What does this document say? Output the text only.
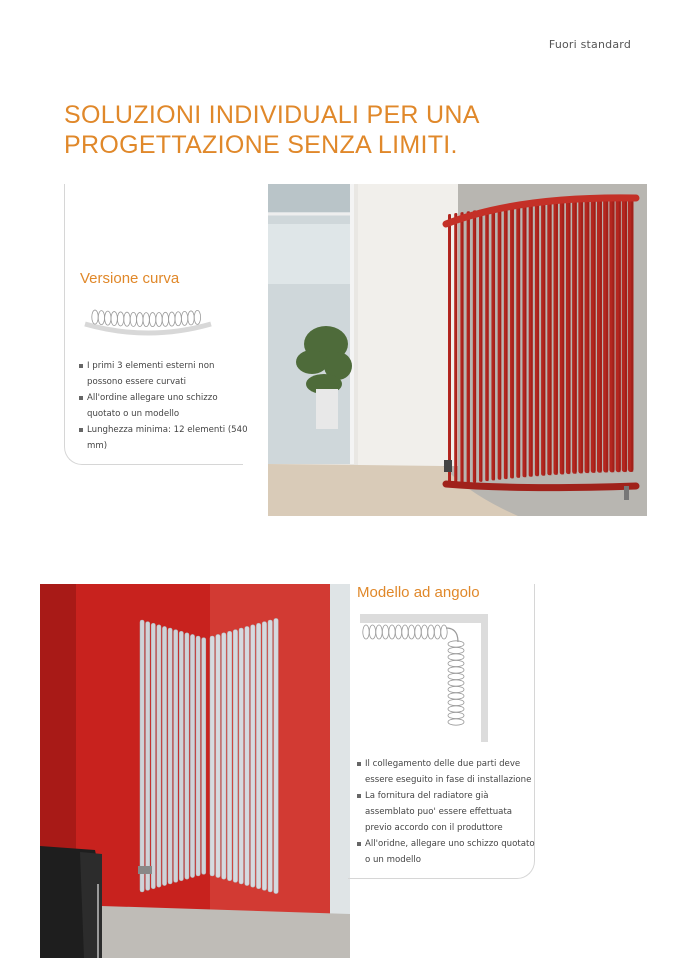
Fuori standard
SOLUZIONI INDIVIDUALI PER UNA PROGETTAZIONE SENZA LIMITI.
Versione curva
I primi 3 elementi esterni non possono essere curvati
All'ordine allegare uno schizzo quotato o un modello
Lunghezza minima: 12 elementi (540 mm)
Modello ad angolo
Il collegamento delle due parti deve essere eseguito in fase di installazione
La fornitura del radiatore già assemblato puo' essere effettuata previo accordo con il produttore
All'oridne, allegare uno schizzo quotato o un modello
